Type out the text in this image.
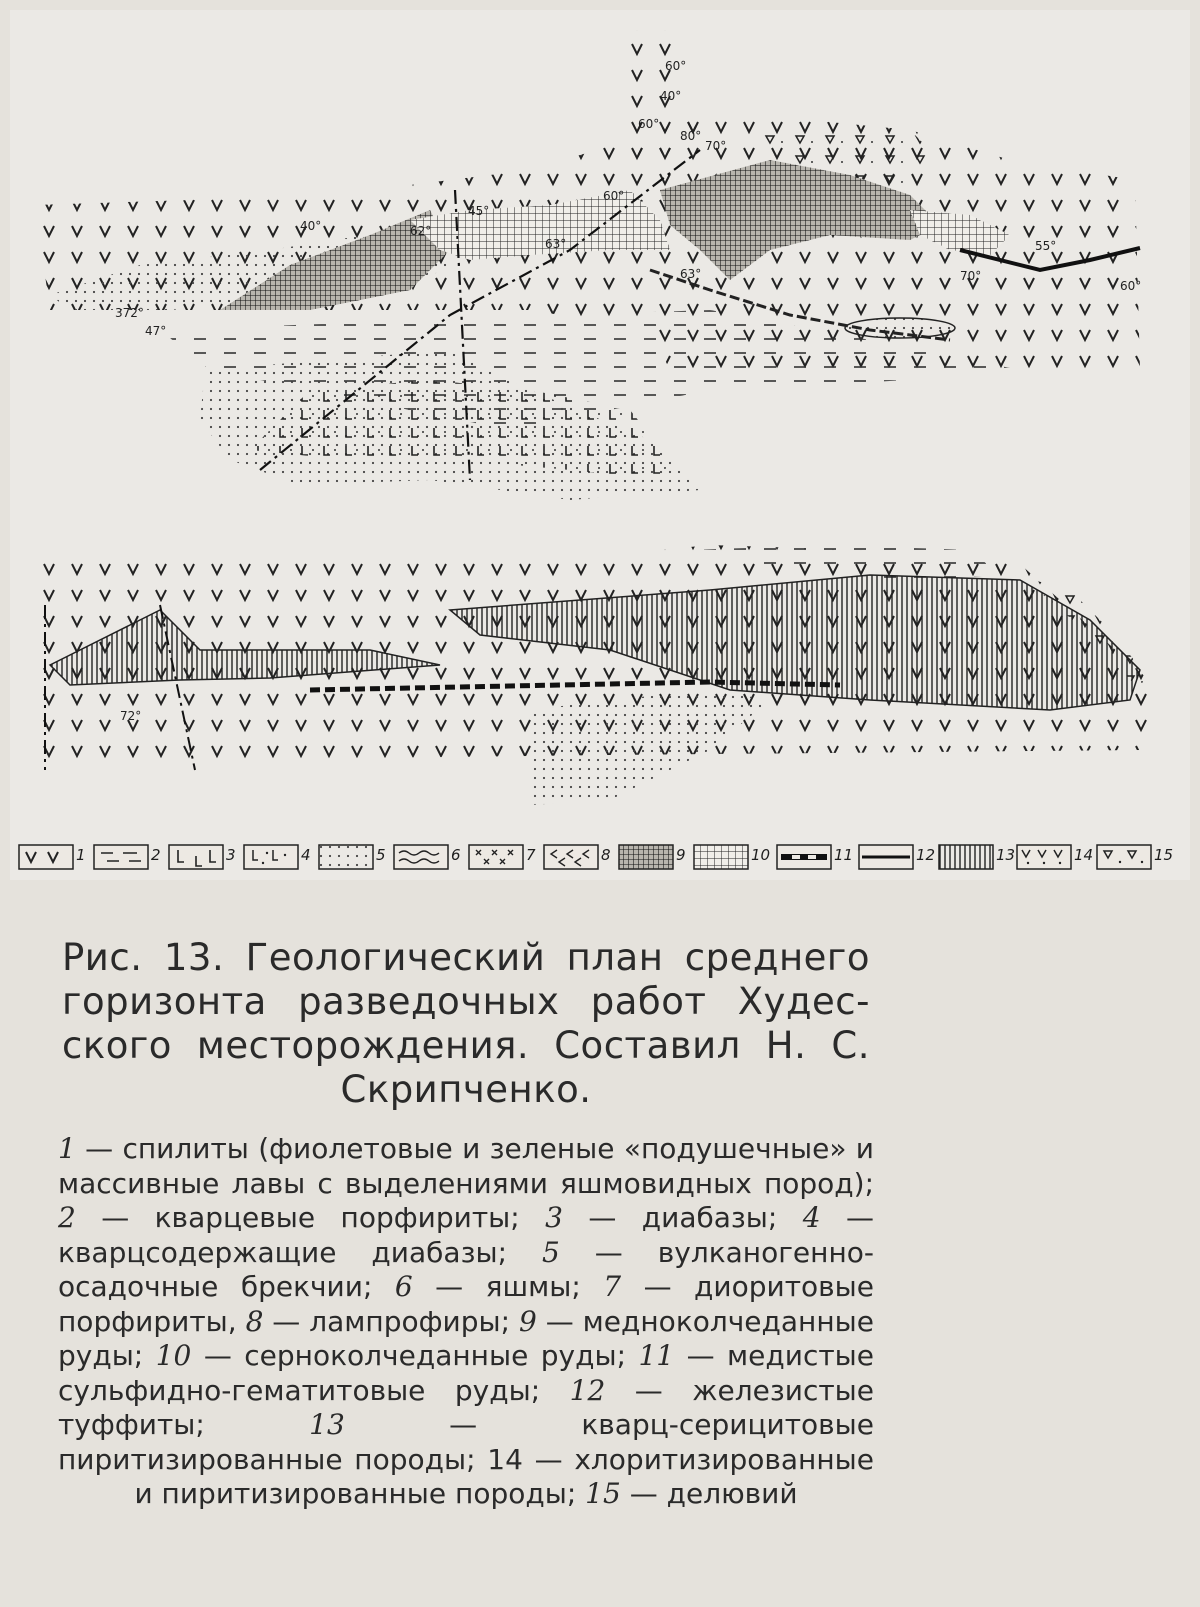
60°
40°
60°
80°
70°
40°	62°
45°
60°
63°
63°
372°
47°
55°
70°
60°
72°
1	2	3	4	5	6	7	8	9	10	11	12	13	14	15
Рис. 13. Геологический план среднего горизонта разведочных работ Худес-ского месторождения. Составил Н. С. Скрипченко.
1 — спилиты (фиолетовые и зеленые «подушечные» и массивные лавы с выделениями яшмовидных пород); 2 — кварцевые порфириты; 3 — диабазы; 4 — кварцсодержащие диабазы; 5 — вулканогенно-осадочные брекчии; 6 — яшмы; 7 — диоритовые порфириты, 8 — лампрофиры; 9 — медноколчеданные руды; 10 — серноколчеданные руды; 11 — медистые сульфидно-гематитовые руды; 12 — железистые туффиты; 13 — кварц-серицитовые пиритизированные породы; 14 — хлоритизированные и пиритизированные породы; 15 — делювий
